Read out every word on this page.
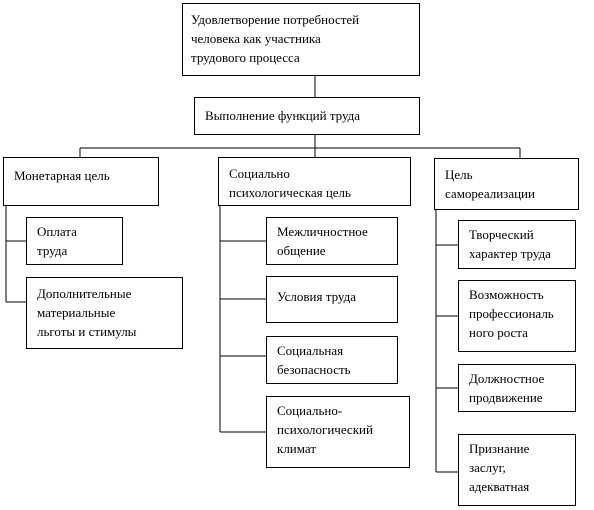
Удовлетворение потребностей
человека как участника
трудового процесса
Выполнение функций труда
Монетарная цель	Социально
психологическая цель
Цель
самореализации
Оплата
труда
Дополнительные
материальные
льготы и стимулы
Межличностное
общение
Условия труда
Социальная
безопасность
Социально-
психологический
климат
Творческий
характер труда
Возможность
профессиональ
ного роста
Должностное
продвижение
Признание
заслуг,
адекватная
